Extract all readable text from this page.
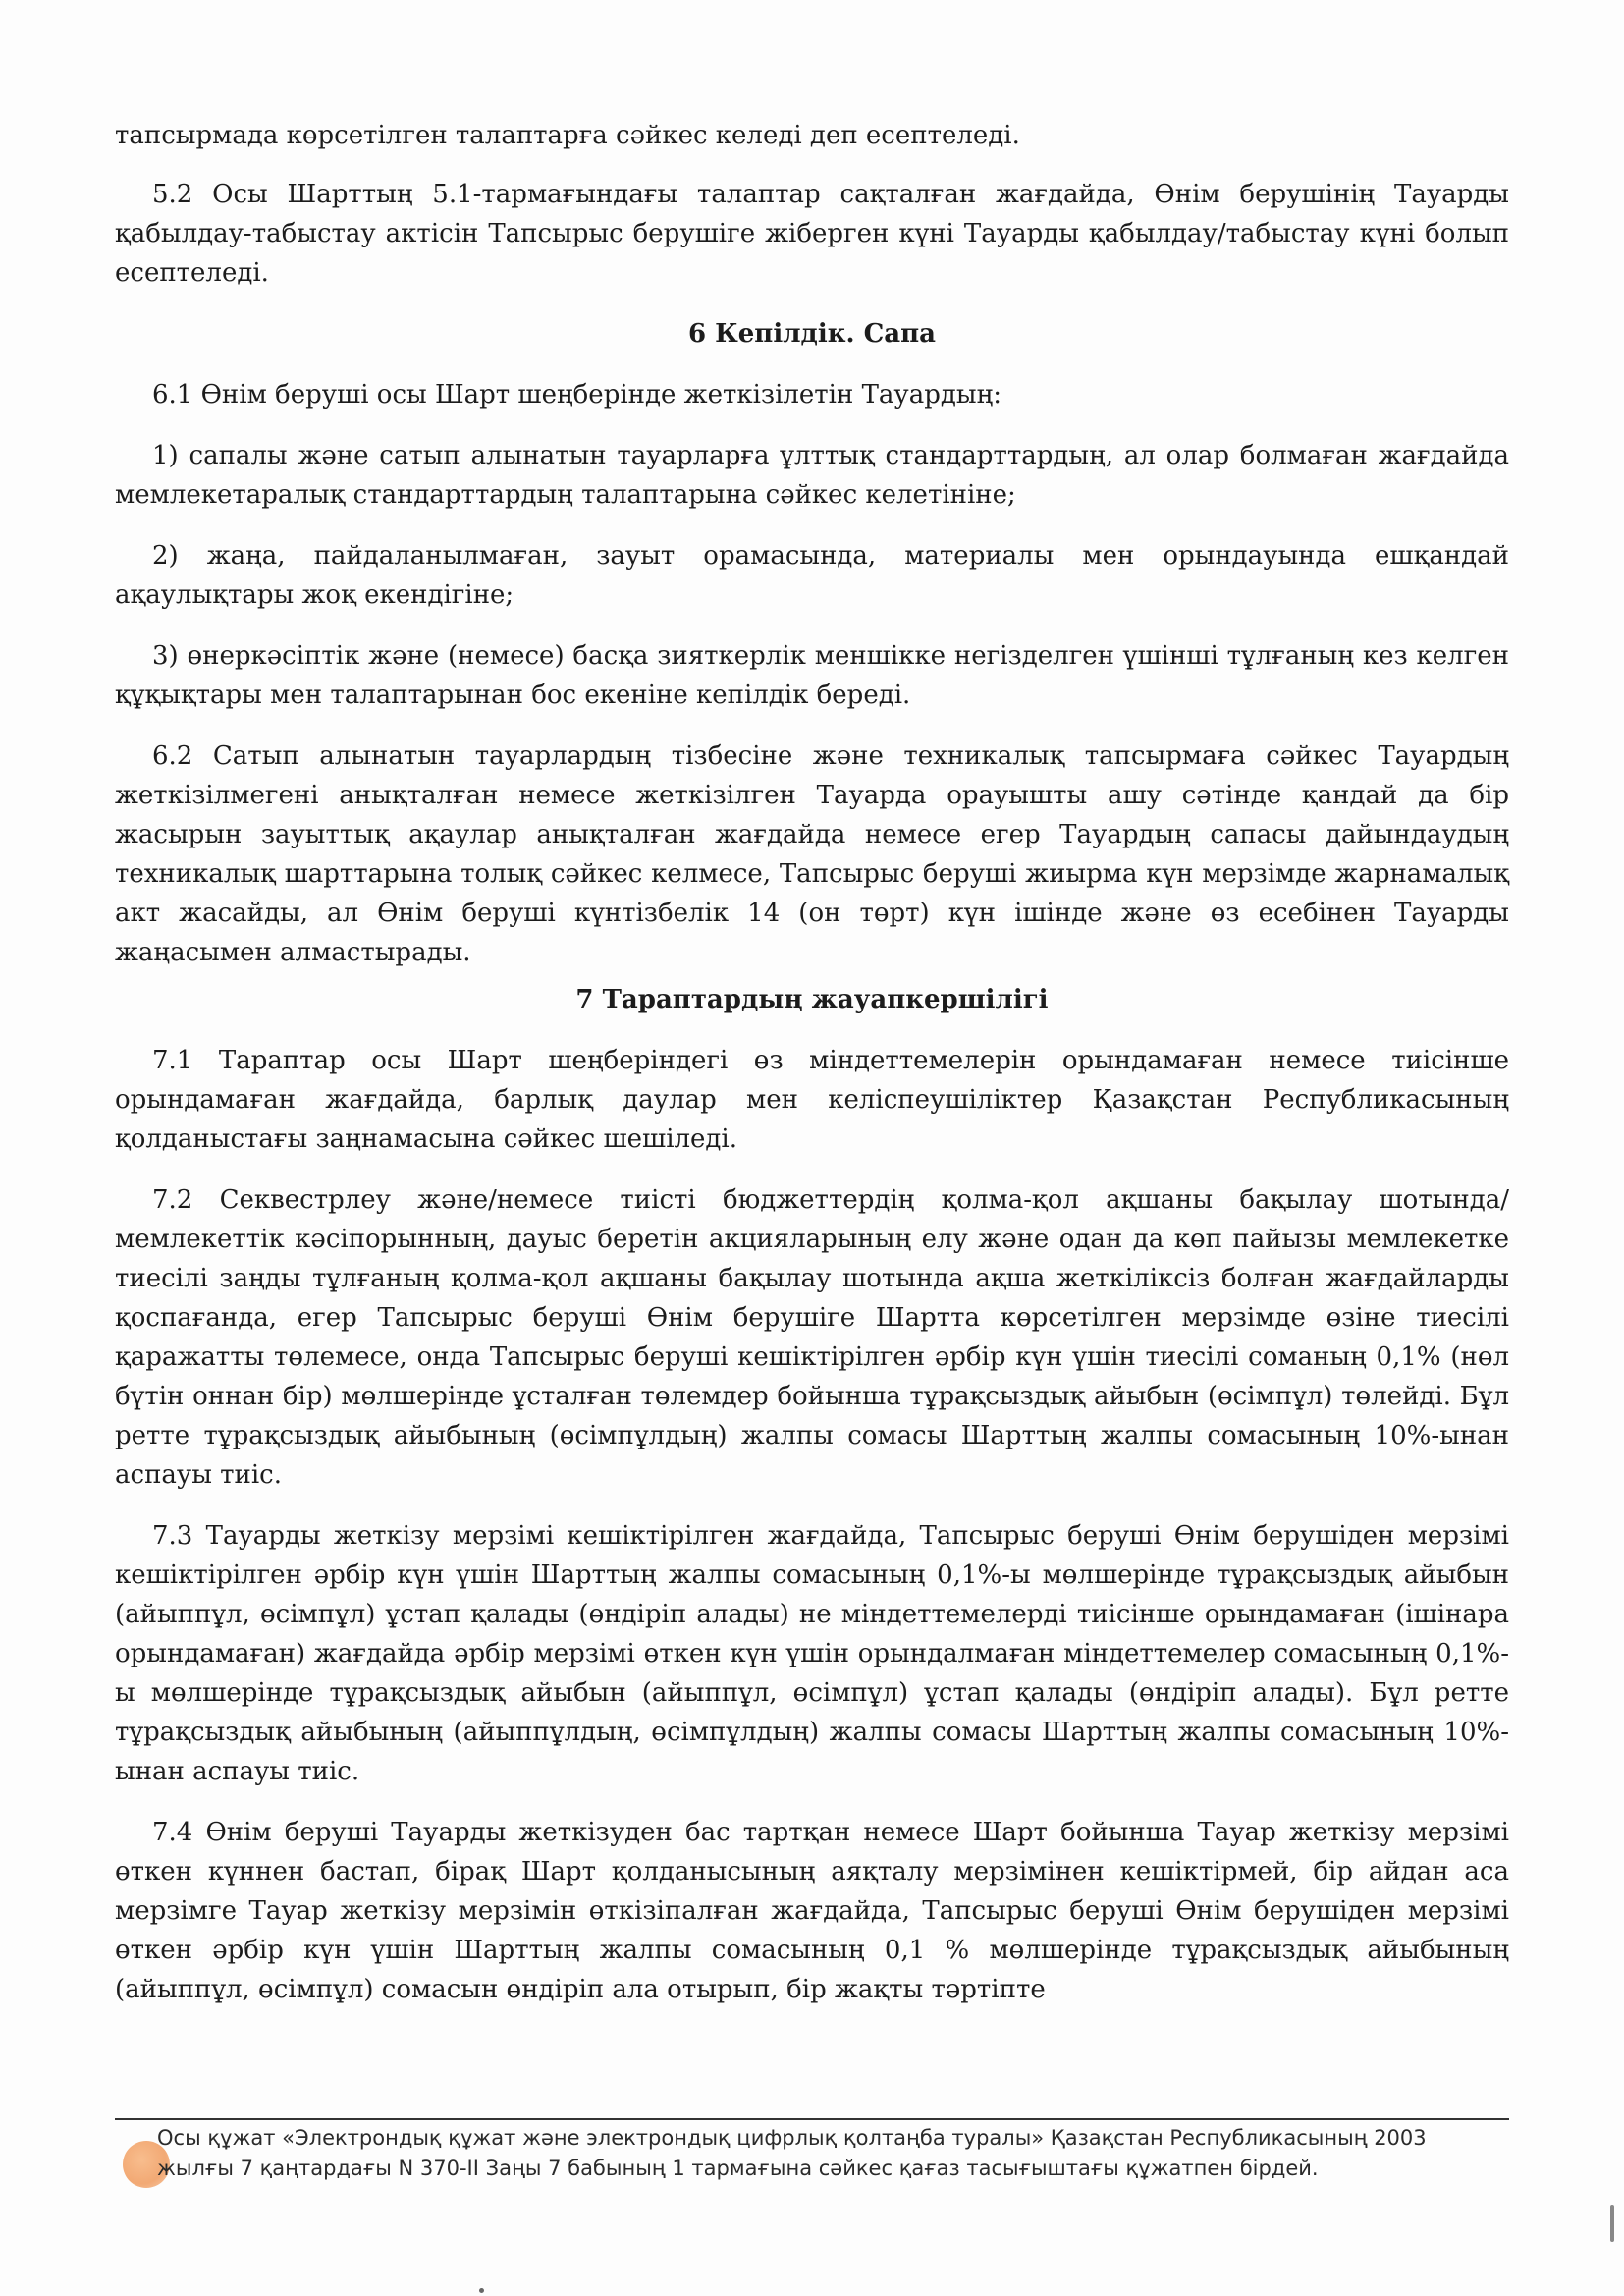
тапсырмада көрсетілген талаптарға сәйкес келеді деп есептеледі.

5.2 Осы Шарттың 5.1-тармағындағы талаптар сақталған жағдайда, Өнім берушінің Тауарды қабылдау-табыстау актісін Тапсырыс берушіге жіберген күні Тауарды қабылдау/табыстау күні болып есептеледі.

6 Кепілдік. Сапа

6.1 Өнім беруші осы Шарт шеңберінде жеткізілетін Тауардың:

1) сапалы және сатып алынатын тауарларға ұлттық стандарттардың, ал олар болмаған жағдайда мемлекетаралық стандарттардың талаптарына сәйкес келетініне;

2) жаңа, пайдаланылмаған, зауыт орамасында, материалы мен орындауында ешқандай ақаулықтары жоқ екендігіне;

3) өнеркәсіптік және (немесе) басқа зияткерлік меншікке негізделген үшінші тұлғаның кез келген құқықтары мен талаптарынан бос екеніне кепілдік береді.

6.2 Сатып алынатын тауарлардың тізбесіне және техникалық тапсырмаға сәйкес Тауардың жеткізілмегені анықталған немесе жеткізілген Тауарда орауышты ашу сәтінде қандай да бір жасырын зауыттық ақаулар анықталған жағдайда немесе егер Тауардың сапасы дайындаудың техникалық шарттарына толық сәйкес келмесе, Тапсырыс беруші жиырма күн мерзімде жарнамалық акт жасайды, ал Өнім беруші күнтізбелік 14 (он төрт) күн ішінде және өз есебінен Тауарды жаңасымен алмастырады.

7 Тараптардың жауапкершілігі

7.1 Тараптар осы Шарт шеңберіндегі өз міндеттемелерін орындамаған немесе тиісінше орындамаған жағдайда, барлық даулар мен келіспеушіліктер Қазақстан Республикасының қолданыстағы заңнамасына сәйкес шешіледі.

7.2 Секвестрлеу және/немесе тиісті бюджеттердің қолма-қол ақшаны бақылау шотында/мемлекеттік кәсіпорынның, дауыс беретін акцияларының елу және одан да көп пайызы мемлекетке тиесілі заңды тұлғаның қолма-қол ақшаны бақылау шотында ақша жеткіліксіз болған жағдайларды қоспағанда, егер Тапсырыс беруші Өнім берушіге Шартта көрсетілген мерзімде өзіне тиесілі қаражатты төлемесе, онда Тапсырыс беруші кешіктірілген әрбір күн үшін тиесілі соманың 0,1% (нөл бүтін оннан бір) мөлшерінде ұсталған төлемдер бойынша тұрақсыздық айыбын (өсімпұл) төлейді. Бұл ретте тұрақсыздық айыбының (өсімпұлдың) жалпы сомасы Шарттың жалпы сомасының 10%-ынан аспауы тиіс.

7.3 Тауарды жеткізу мерзімі кешіктірілген жағдайда, Тапсырыс беруші Өнім берушіден мерзімі кешіктірілген әрбір күн үшін Шарттың жалпы сомасының 0,1%-ы мөлшерінде тұрақсыздық айыбын (айыппұл, өсімпұл) ұстап қалады (өндіріп алады) не міндеттемелерді тиісінше орындамаған (ішінара орындамаған) жағдайда әрбір мерзімі өткен күн үшін орындалмаған міндеттемелер сомасының 0,1%-ы мөлшерінде тұрақсыздық айыбын (айыппұл, өсімпұл) ұстап қалады (өндіріп алады). Бұл ретте тұрақсыздық айыбының (айыппұлдың, өсімпұлдың) жалпы сомасы Шарттың жалпы сомасының 10%-ынан аспауы тиіс.

7.4 Өнім беруші Тауарды жеткізуден бас тартқан немесе Шарт бойынша Тауар жеткізу мерзімі өткен күннен бастап, бірақ Шарт қолданысының аяқталу мерзімінен кешіктірмей, бір айдан аса мерзімге Тауар жеткізу мерзімін өткізіпалған жағдайда, Тапсырыс беруші Өнім берушіден мерзімі өткен әрбір күн үшін Шарттың жалпы сомасының 0,1 % мөлшерінде тұрақсыздық айыбының (айыппұл, өсімпұл) сомасын өндіріп ала отырып, бір жақты тәртіпте

Осы құжат «Электрондық құжат және электрондық цифрлық қолтаңба туралы» Қазақстан Республикасының 2003 жылғы 7 қаңтардағы N 370-II Заңы 7 бабының 1 тармағына сәйкес қағаз тасығыштағы құжатпен бірдей.
